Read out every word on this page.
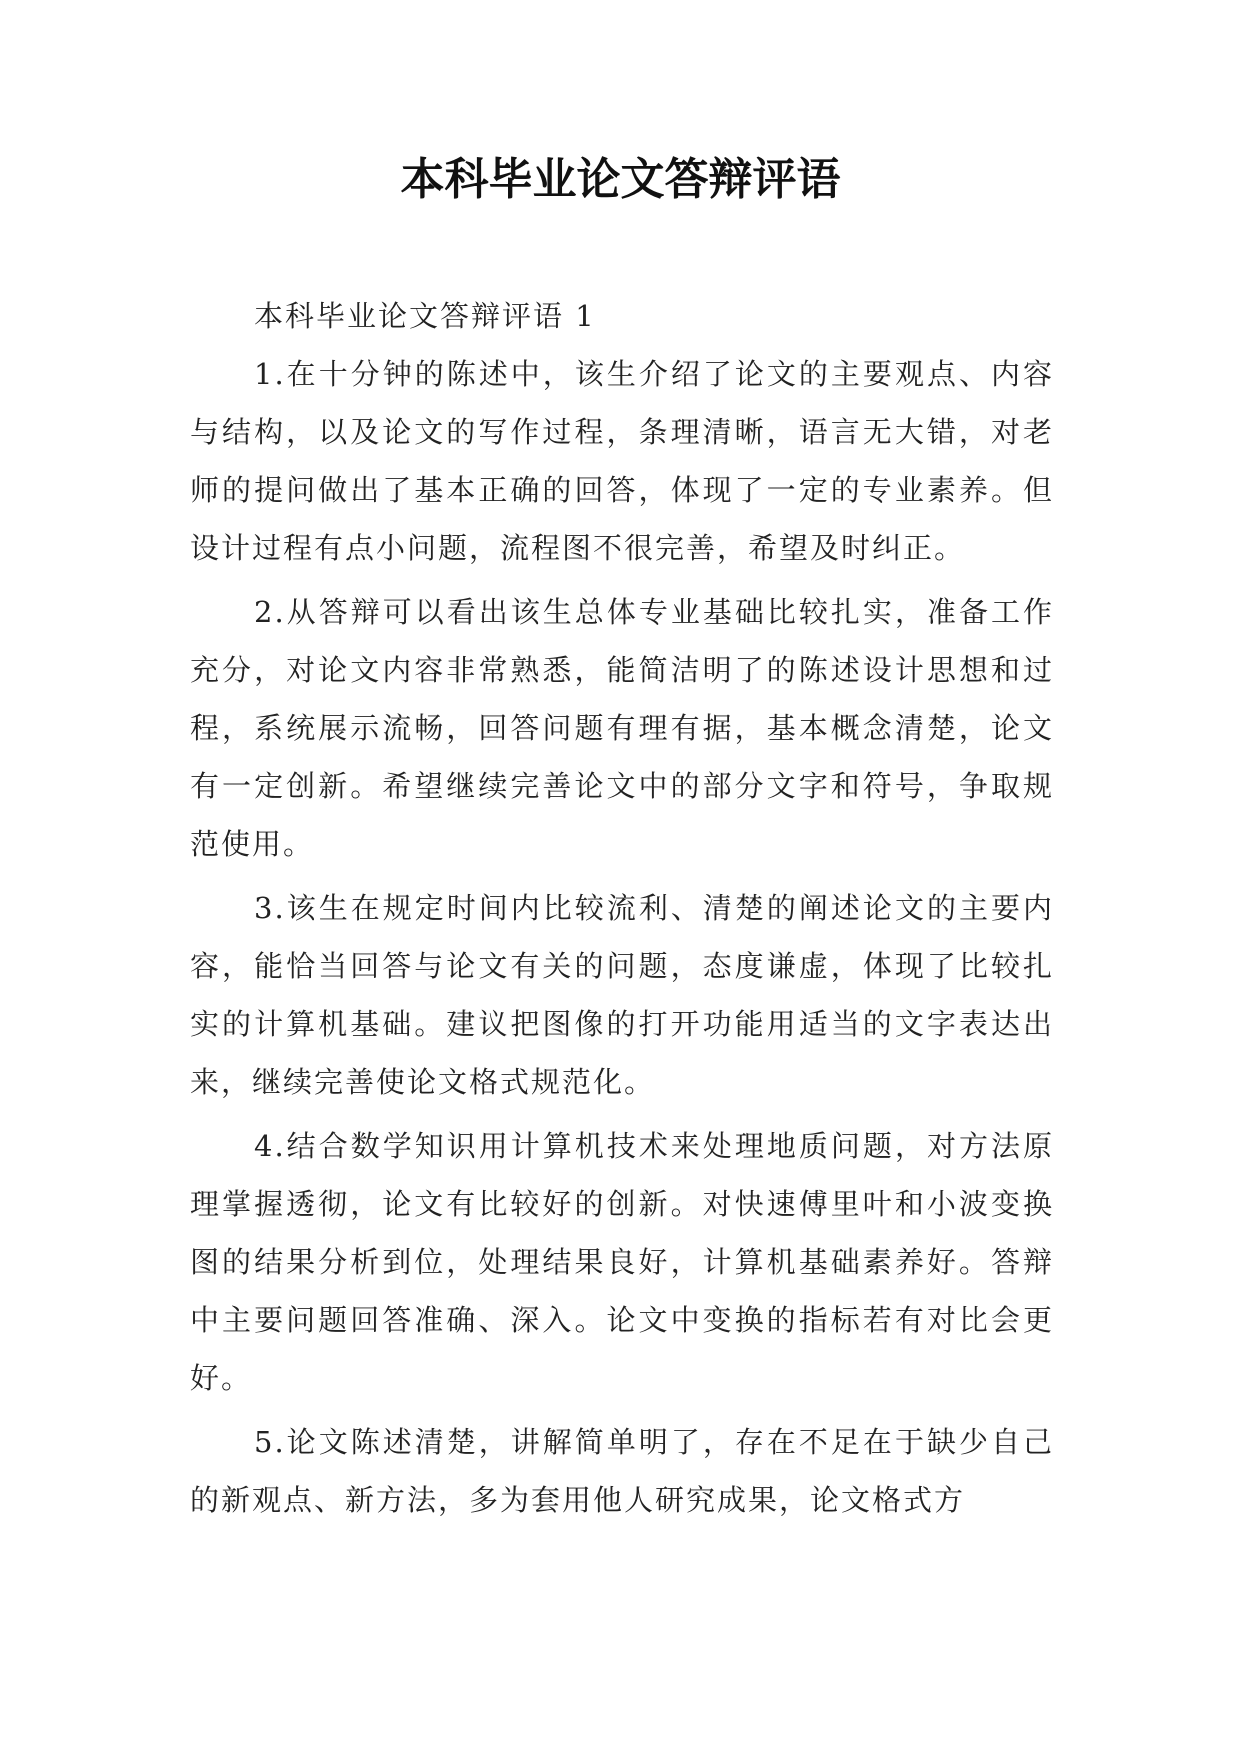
本科毕业论文答辩评语

本科毕业论文答辩评语 1

1.在十分钟的陈述中，该生介绍了论文的主要观点、内容与结构，以及论文的写作过程，条理清晰，语言无大错，对老师的提问做出了基本正确的回答，体现了一定的专业素养。但设计过程有点小问题，流程图不很完善，希望及时纠正。

2.从答辩可以看出该生总体专业基础比较扎实，准备工作充分，对论文内容非常熟悉，能简洁明了的陈述设计思想和过程，系统展示流畅，回答问题有理有据，基本概念清楚，论文有一定创新。希望继续完善论文中的部分文字和符号，争取规范使用。

3.该生在规定时间内比较流利、清楚的阐述论文的主要内容，能恰当回答与论文有关的问题，态度谦虚，体现了比较扎实的计算机基础。建议把图像的打开功能用适当的文字表达出来，继续完善使论文格式规范化。

4.结合数学知识用计算机技术来处理地质问题，对方法原理掌握透彻，论文有比较好的创新。对快速傅里叶和小波变换图的结果分析到位，处理结果良好，计算机基础素养好。答辩中主要问题回答准确、深入。论文中变换的指标若有对比会更好。

5.论文陈述清楚，讲解简单明了，存在不足在于缺少自己的新观点、新方法，多为套用他人研究成果，论文格式方
